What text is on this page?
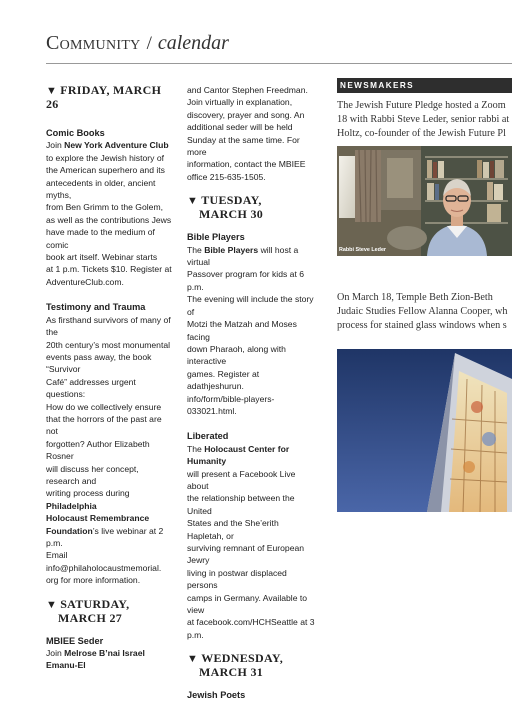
Community / calendar
▼ FRIDAY, MARCH 26
Comic Books
Join New York Adventure Club
to explore the Jewish history of
the American superhero and its
antecedents in older, ancient myths,
from Ben Grimm to the Golem,
as well as the contributions Jews
have made to the medium of comic
book art itself. Webinar starts
at 1 p.m. Tickets $10. Register at
AdventureClub.com.
Testimony and Trauma
As firsthand survivors of many of the
20th century’s most monumental
events pass away, the book “Survivor
Café” addresses urgent questions:
How do we collectively ensure
that the horrors of the past are not
forgotten? Author Elizabeth Rosner
will discuss her concept, research and
writing process during Philadelphia
Holocaust Remembrance
Foundation’s live webinar at 2 p.m.
Email info@philaholocaustmemorial.
org for more information.
▼ SATURDAY,
MARCH 27
MBIEE Seder
Join Melrose B’nai Israel Emanu-El
and Cantor Stephen Freedman.
Join virtually in explanation,
discovery, prayer and song. An
additional seder will be held
Sunday at the same time. For more
information, contact the MBIEE
office 215-635-1505.
▼ TUESDAY,
MARCH 30
Bible Players
The Bible Players will host a virtual
Passover program for kids at 6 p.m.
The evening will include the story of
Motzi the Matzah and Moses facing
down Pharaoh, along with interactive
games. Register at adathjeshurun.
info/form/bible-players-033021.html.
Liberated
The Holocaust Center for Humanity
will present a Facebook Live about
the relationship between the United
States and the She’erith Hapletah, or
surviving remnant of European Jewry
living in postwar displaced persons
camps in Germany. Available to view
at facebook.com/HCHSeattle at 3 p.m.
▼ WEDNESDAY,
MARCH 31
Jewish Poets
NEWSMAKERS
The Jewish Future Pledge hosted a Zoom
18 with Rabbi Steve Leder, senior rabbi at
Holtz, co-founder of the Jewish Future Pl
Rabbi Steve Leder
On March 18, Temple Beth Zion-Beth
Judaic Studies Fellow Alanna Cooper, wh
process for stained glass windows when s
